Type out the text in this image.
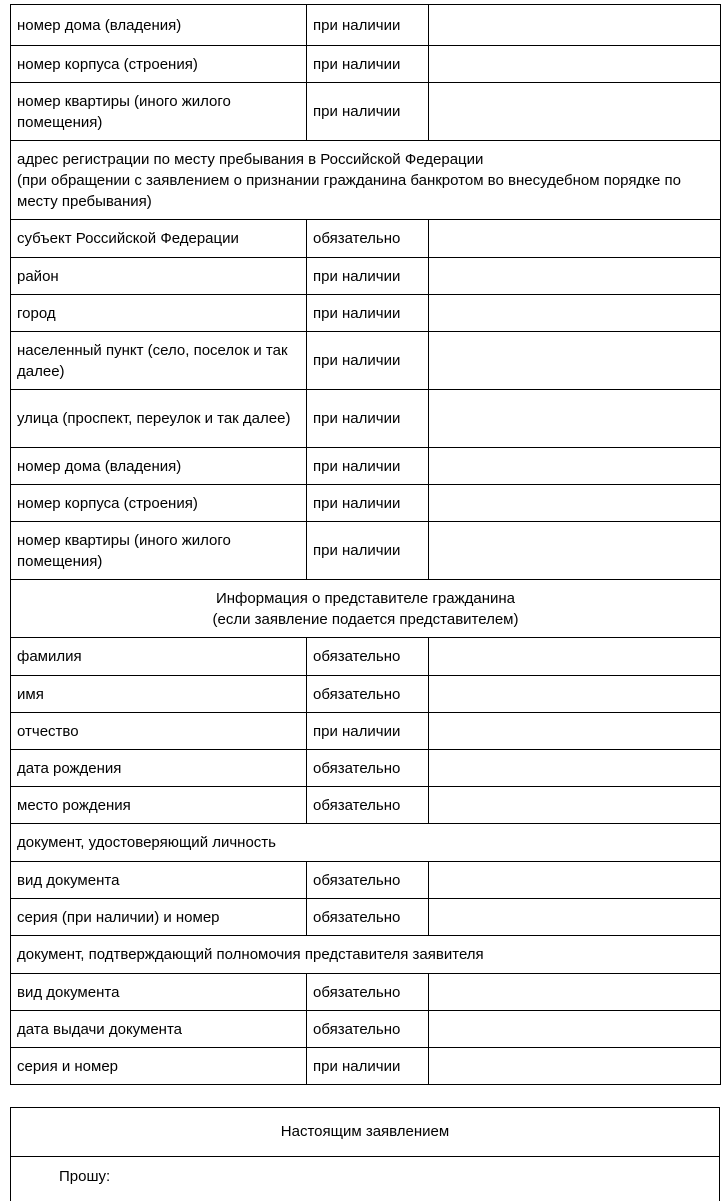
номер дома (владения)	при наличии	
номер корпуса (строения)	при наличии	
номер квартиры (иного жилого помещения)	при наличии	
адрес регистрации по месту пребывания в Российской Федерации
(при обращении с заявлением о признании гражданина банкротом во внесудебном порядке по месту пребывания)		
субъект Российской Федерации	обязательно	
район	при наличии	
город	при наличии	
населенный пункт (село, поселок и так далее)	при наличии	
улица (проспект, переулок и так далее)	при наличии	
номер дома (владения)	при наличии	
номер корпуса (строения)	при наличии	
номер квартиры (иного жилого помещения)	при наличии	
Информация о представителе гражданина
(если заявление подается представителем)		
фамилия	обязательно	
имя	обязательно	
отчество	при наличии	
дата рождения	обязательно	
место рождения	обязательно	
документ, удостоверяющий личность		
вид документа	обязательно	
серия (при наличии) и номер	обязательно	
документ, подтверждающий полномочия представителя заявителя		
вид документа	обязательно	
дата выдачи документа	обязательно	
серия и номер	при наличии	
Настоящим заявлением
Прошу:
